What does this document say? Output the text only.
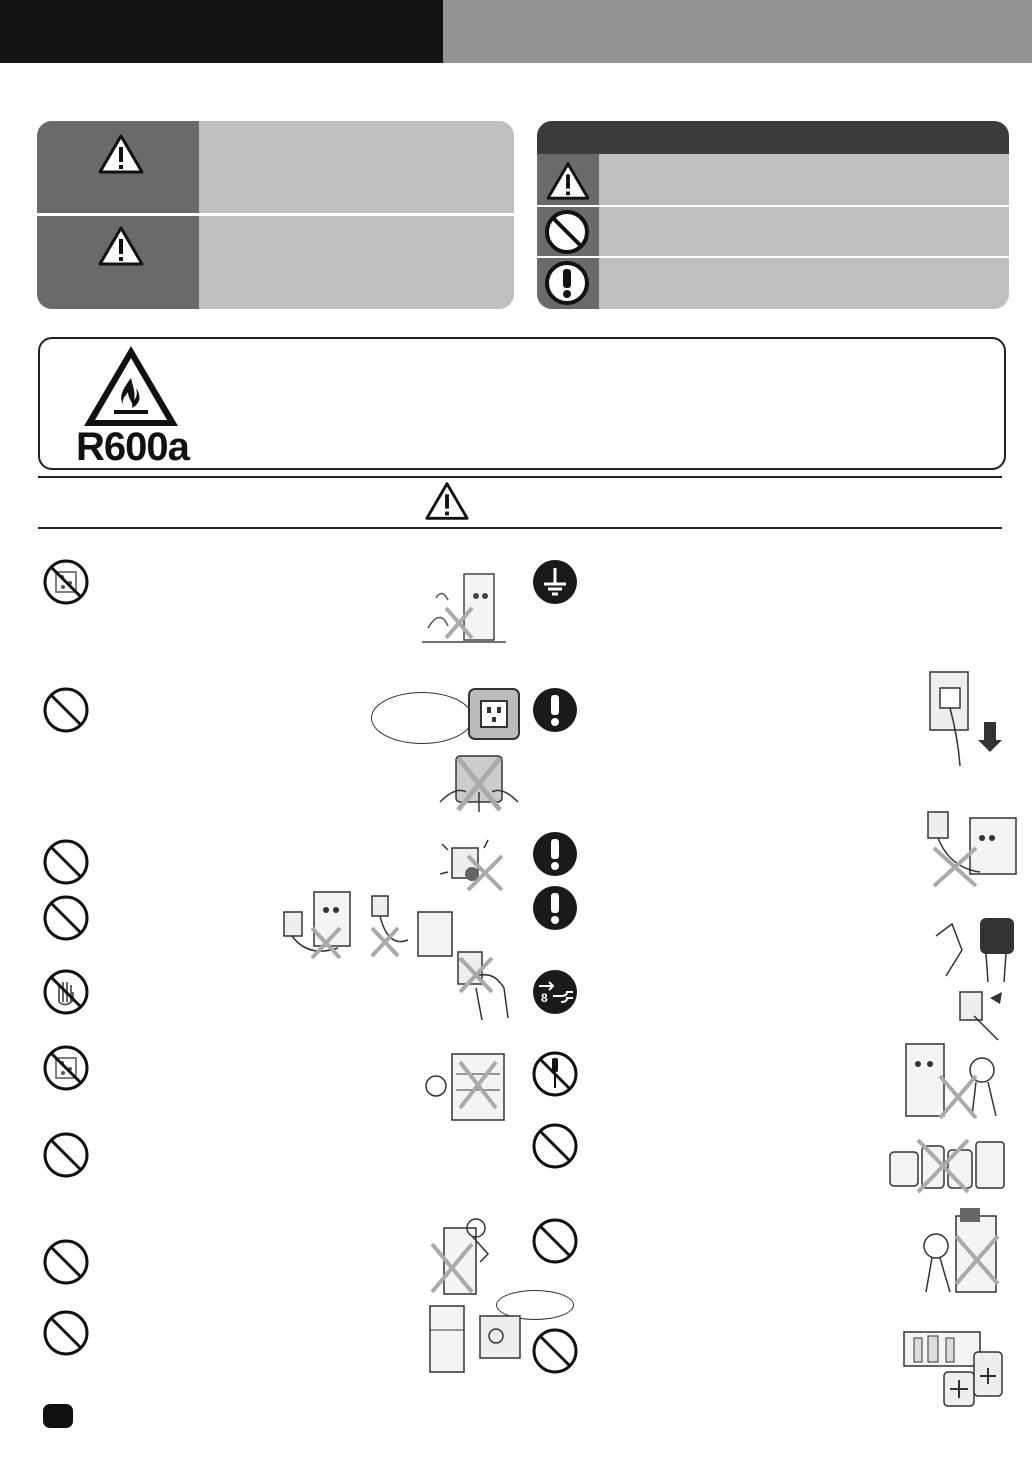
R600a
8
